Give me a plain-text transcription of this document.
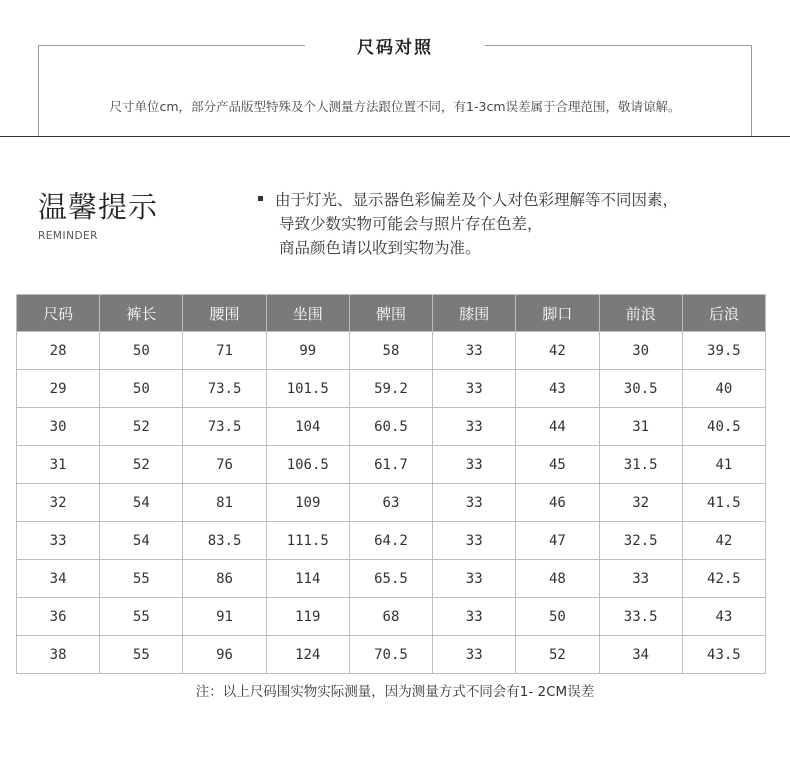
尺码对照
尺寸单位cm，部分产品版型特殊及个人测量方法跟位置不同，有1-3cm误差属于合理范围，敬请谅解。
温馨提示
REMINDER
由于灯光、显示器色彩偏差及个人对色彩理解等不同因素，
导致少数实物可能会与照片存在色差，
商品颜色请以收到实物为准。
尺码	裤长	腰围	坐围	髀围	膝围	脚口	前浪	后浪
28	50	71	99	58	33	42	30	39.5
29	50	73.5	101.5	59.2	33	43	30.5	40
30	52	73.5	104	60.5	33	44	31	40.5
31	52	76	106.5	61.7	33	45	31.5	41
32	54	81	109	63	33	46	32	41.5
33	54	83.5	111.5	64.2	33	47	32.5	42
34	55	86	114	65.5	33	48	33	42.5
36	55	91	119	68	33	50	33.5	43
38	55	96	124	70.5	33	52	34	43.5
注：以上尺码围实物实际测量，因为测量方式不同会有1- 2CM误差
